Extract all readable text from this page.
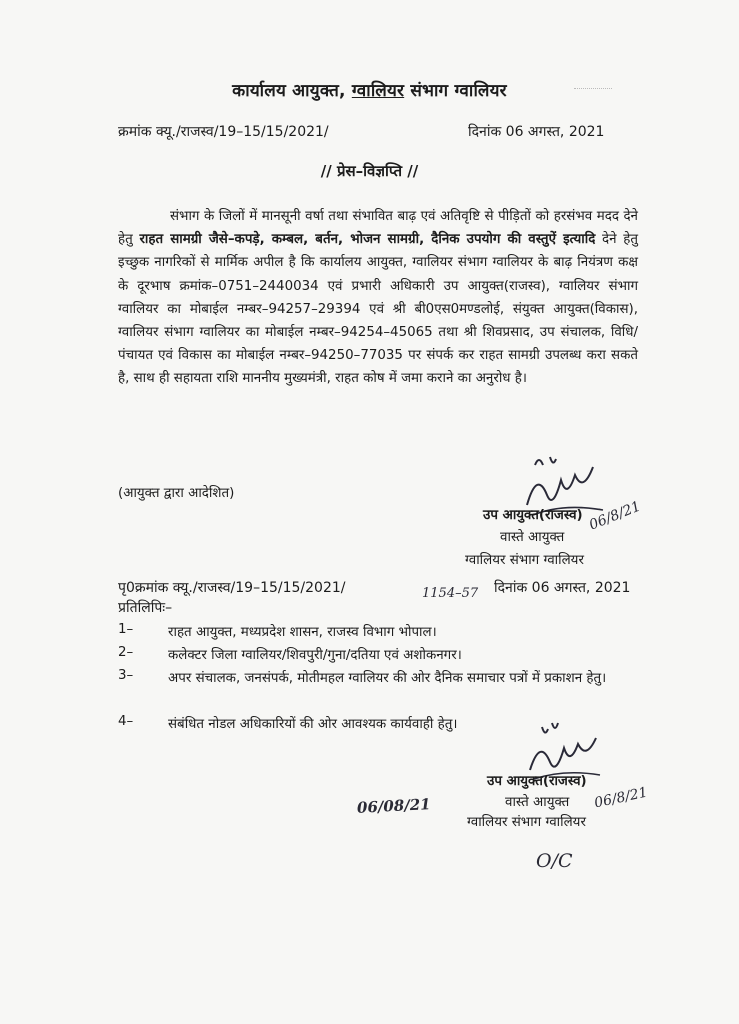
कार्यालय आयुक्त, ग्वालियर संभाग ग्वालियर
क्रमांक क्यू./राजस्व/19–15/15/2021/	दिनांक 06 अगस्त, 2021
// प्रेस–विज्ञप्ति //
संभाग के जिलों में मानसूनी वर्षा तथा संभावित बाढ़ एवं अतिवृष्टि से पीड़ितों को हरसंभव मदद देने हेतु राहत सामग्री जैसे–कपड़े, कम्बल, बर्तन, भोजन सामग्री, दैनिक उपयोग की वस्तुऐं इत्यादि देने हेतु इच्छुक नागरिकों से मार्मिक अपील है कि कार्यालय आयुक्त, ग्वालियर संभाग ग्वालियर के बाढ़ नियंत्रण कक्ष के दूरभाष क्रमांक–0751–2440034 एवं प्रभारी अधिकारी उप आयुक्त(राजस्व), ग्वालियर संभाग ग्वालियर का मोबाईल नम्बर–94257–29394 एवं श्री बी0एस0मण्डलोई, संयुक्त आयुक्त(विकास), ग्वालियर संभाग ग्वालियर का मोबाईल नम्बर–94254–45065 तथा श्री शिवप्रसाद, उप संचालक, विधि/ पंचायत एवं विकास का मोबाईल नम्बर–94250–77035 पर संपर्क कर राहत सामग्री उपलब्ध करा सकते है, साथ ही सहायता राशि माननीय मुख्यमंत्री, राहत कोष में जमा कराने का अनुरोध है।
(आयुक्त द्वारा आदेशित)
उप आयुक्त(राजस्व)
वास्ते आयुक्त
ग्वालियर संभाग ग्वालियर
06/8/21
पृ0क्रमांक क्यू./राजस्व/19–15/15/2021/	1154–57 दिनांक 06 अगस्त, 2021
प्रतिलिपिः–
1–	राहत आयुक्त, मध्यप्रदेश शासन, राजस्व विभाग भोपाल।
2–	कलेक्टर जिला ग्वालियर/शिवपुरी/गुना/दतिया एवं अशोकनगर।
3–	अपर संचालक, जनसंपर्क, मोतीमहल ग्वालियर की ओर दैनिक समाचार पत्रों में प्रकाशन हेतु।
4–	संबंधित नोडल अधिकारियों की ओर आवश्यक कार्यवाही हेतु।
उप आयुक्त(राजस्व)
वास्ते आयुक्त
ग्वालियर संभाग ग्वालियर
06/8/21
06/08/21
O/C
